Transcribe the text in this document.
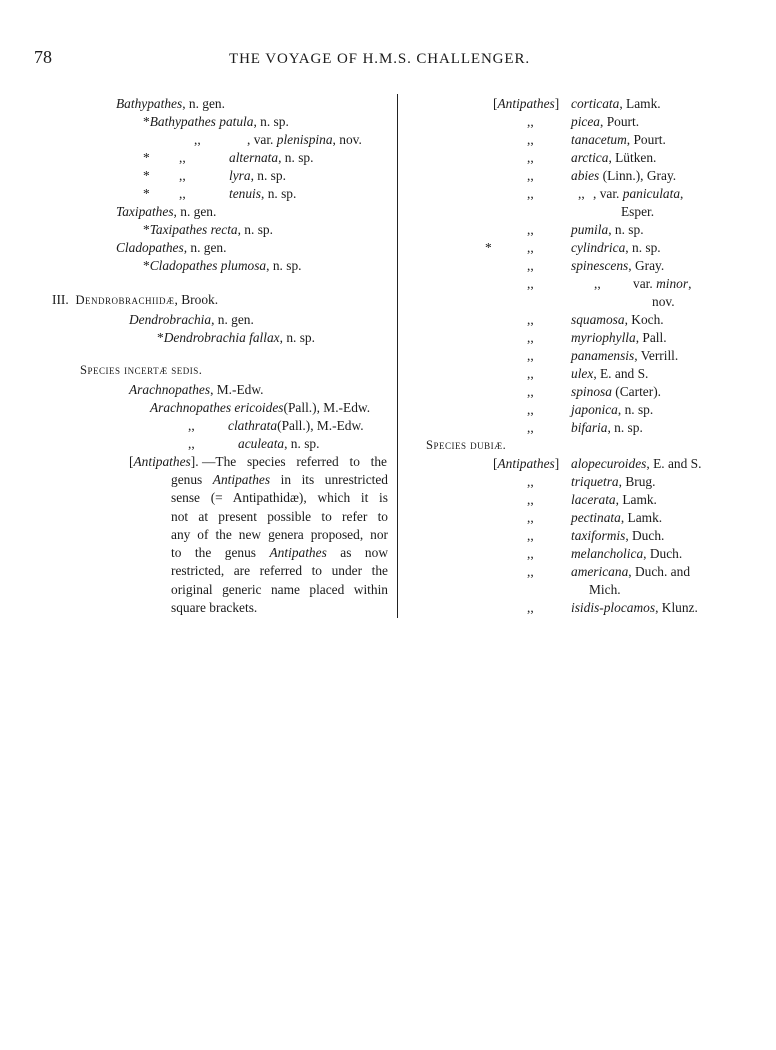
78	THE VOYAGE OF H.M.S. CHALLENGER.
Bathypathes, n. gen.
*Bathypathes patula, n. sp.
,,	, var. plenispina, nov.
* ,,	alternata, n. sp.
* ,,	lyra, n. sp.
* ,,	tenuis, n. sp.
Taxipathes, n. gen.
*Taxipathes recta, n. sp.
Cladopathes, n. gen.
*Cladopathes plumosa, n. sp.
III. Dendrobrachiidæ, Brook.
Dendrobrachia, n. gen.
*Dendrobrachia fallax, n. sp.
Species incertæ sedis.
Arachnopathes, M.-Edw.
Arachnopathes ericoides(Pall.), M.-Edw.
,, clathrata(Pall.), M.-Edw.
,,	aculeata, n. sp.
[Antipathes]. —The species referred to the
genus Antipathes in its unrestricted
sense (= Antipathidæ), which it is
not at present possible to refer to
any of the new genera proposed, nor
to the genus Antipathes as now
restricted, are referred to under the
original generic name placed within
square brackets.
[Antipathes] corticata, Lamk.
,,	picea, Pourt.
,,	tanacetum, Pourt.
,,	arctica, Lütken.
,,	abies (Linn.), Gray.
,,	,, , var. paniculata,
Esper.
,,	pumila, n. sp.
*	,,	cylindrica, n. sp.
,,	spinescens, Gray.
,,	,, var. minor,
nov.
,,	squamosa, Koch.
,,	myriophylla, Pall.
,,	panamensis, Verrill.
,,	ulex, E. and S.
,,	spinosa (Carter).
,,	japonica, n. sp.
,,	bifaria, n. sp.
Species dubiæ.
[Antipathes] alopecuroides, E. and S.
,,	triquetra, Brug.
,,	lacerata, Lamk.
,,	pectinata, Lamk.
,,	taxiformis, Duch.
,,	melancholica, Duch.
,,	americana, Duch. and
Mich.
,,	isidis-plocamos, Klunz.
